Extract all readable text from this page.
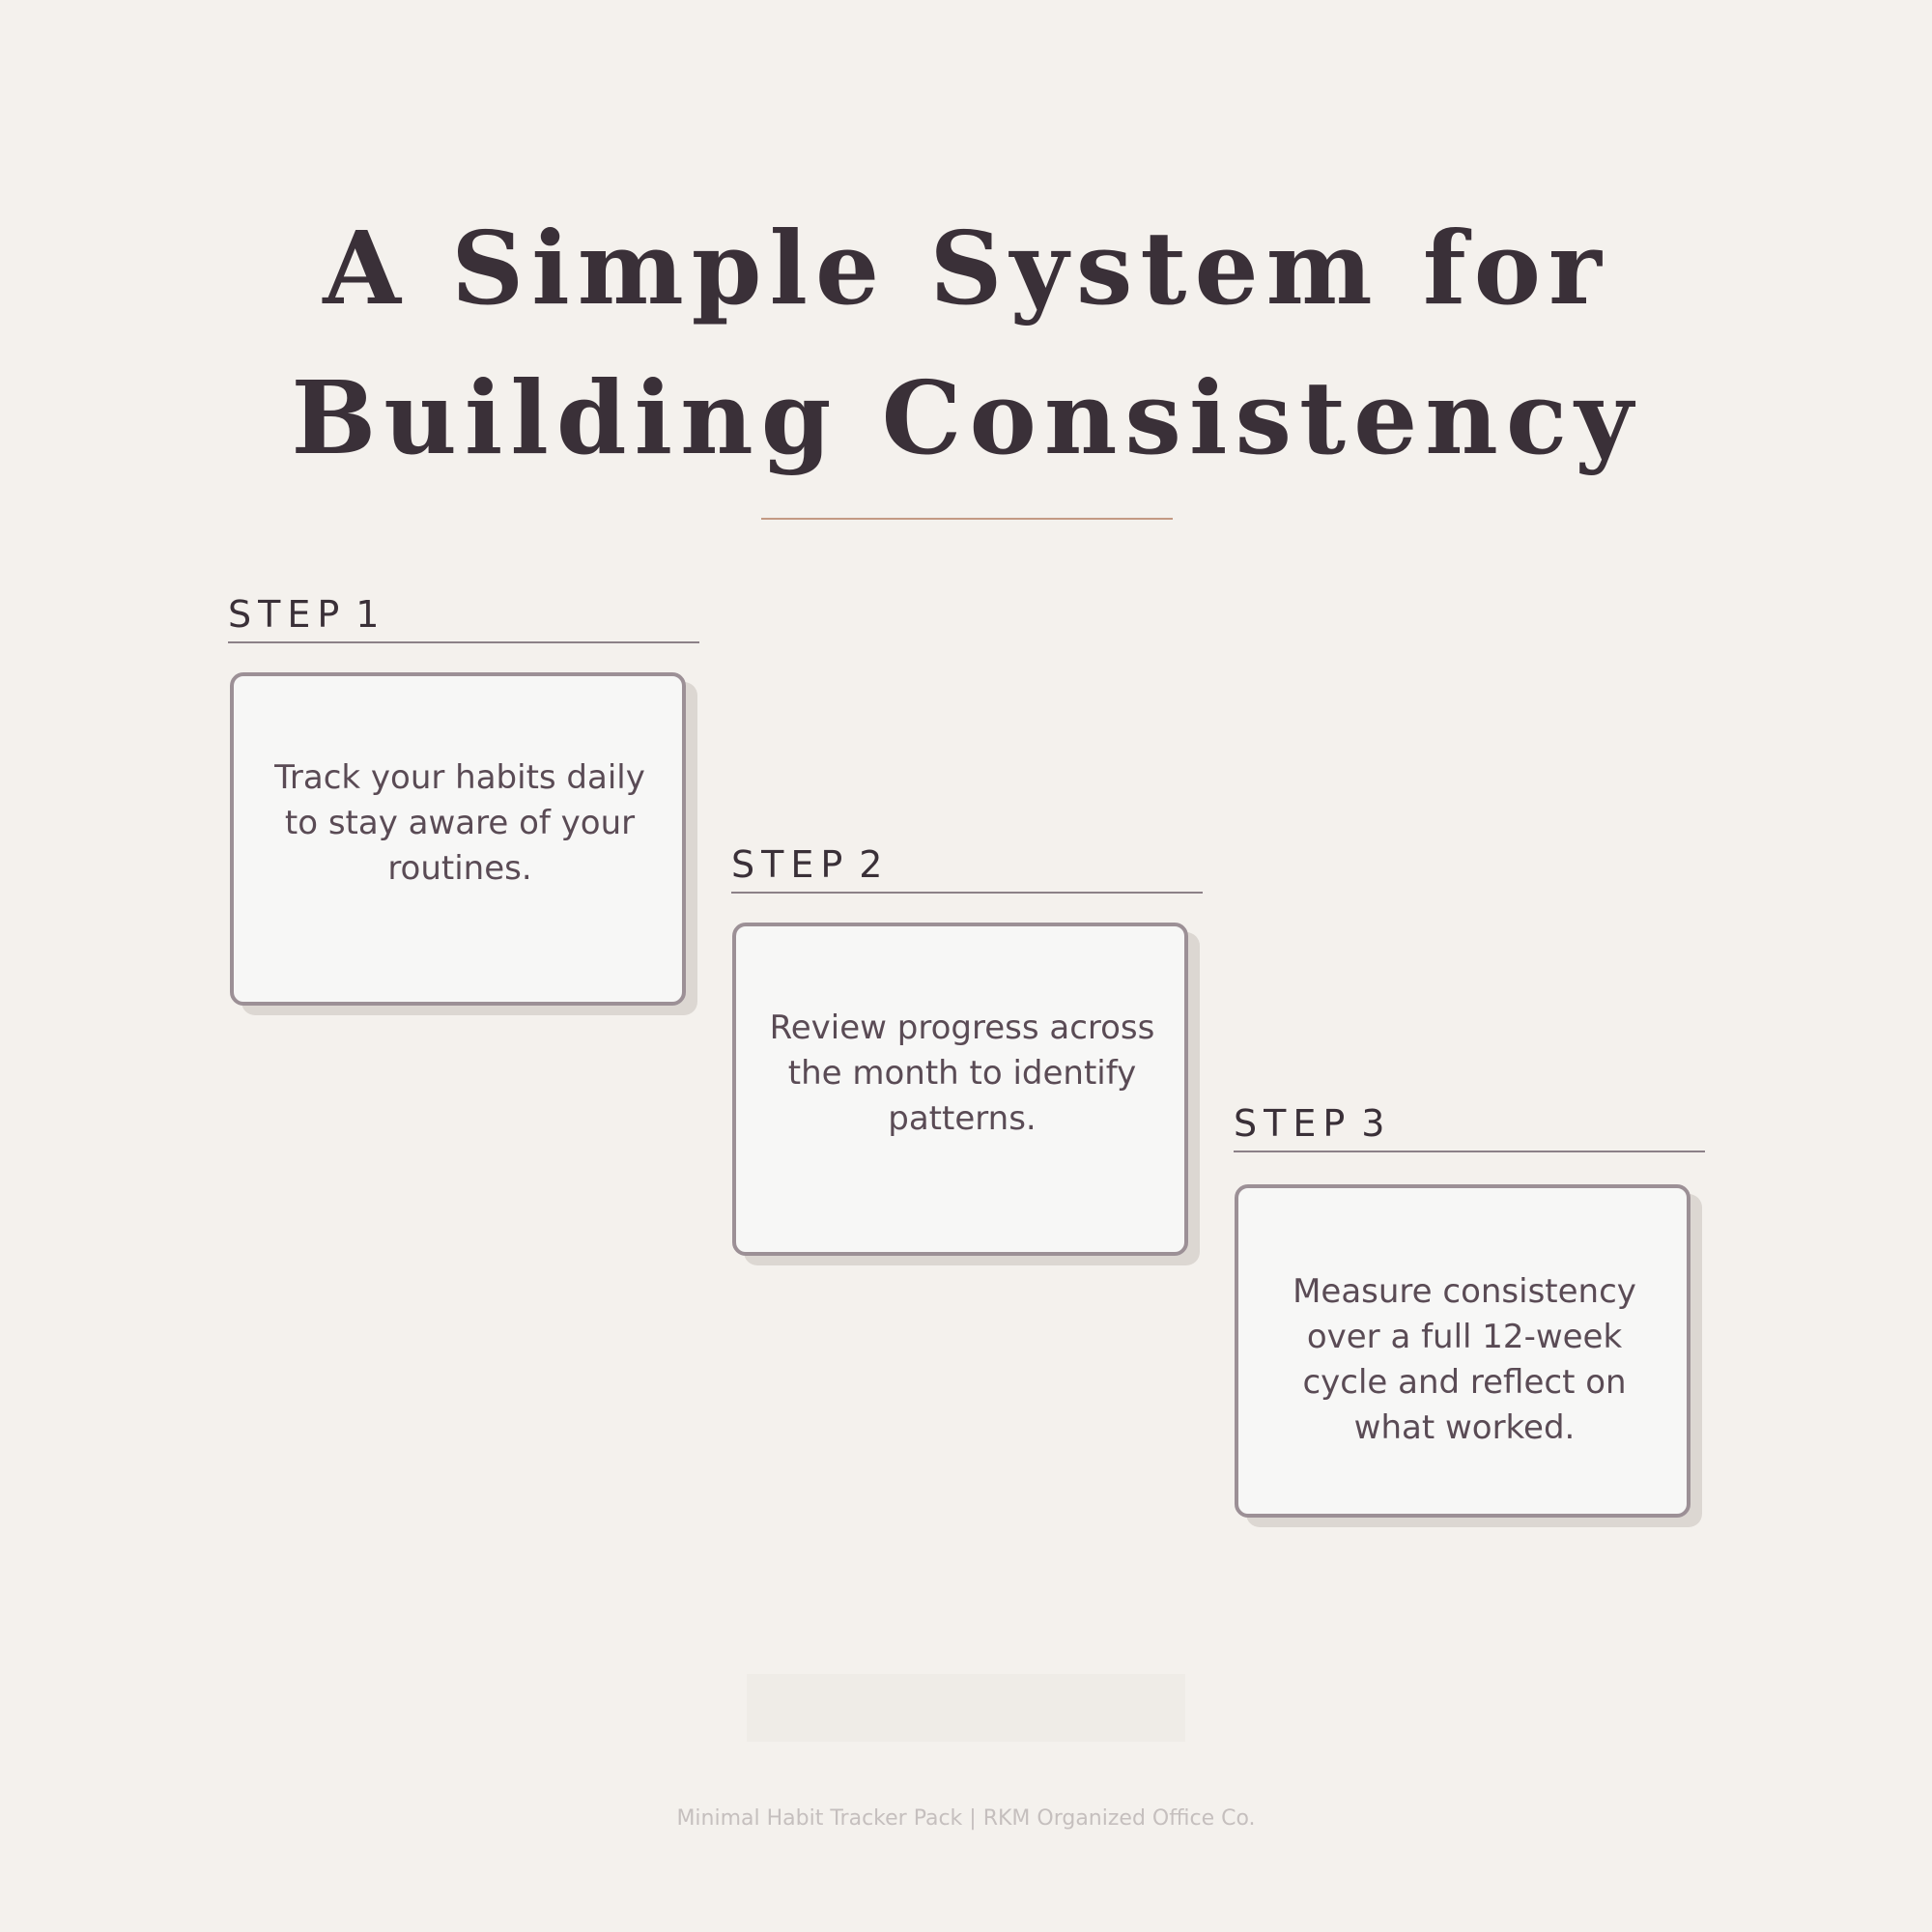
A Simple System for
Building Consistency
STEP 1
Track your habits daily to stay aware of your routines.	STEP 2
Review progress across the month to identify patterns.	STEP 3
Measure consistency over a full 12-week cycle and reflect on what worked.
Minimal Habit Tracker Pack | RKM Organized Office Co.
